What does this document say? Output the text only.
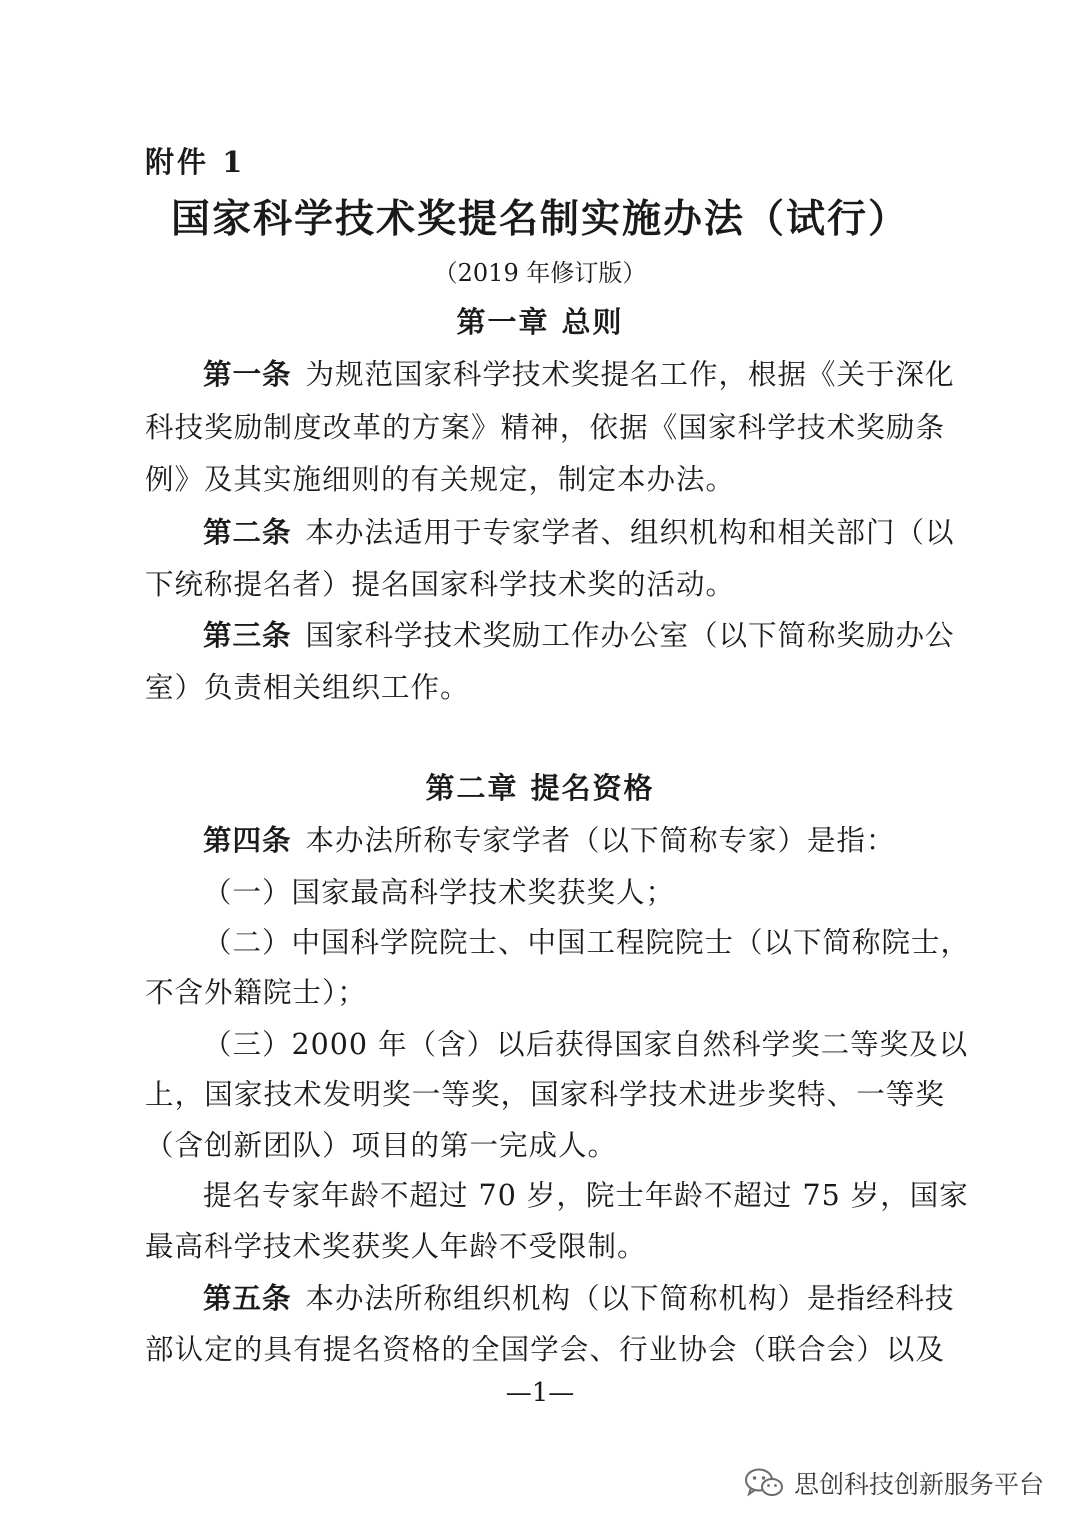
附件 1
国家科学技术奖提名制实施办法（试行）
（2019 年修订版）
第一章 总则
第一条 为规范国家科学技术奖提名工作，根据《关于深化
科技奖励制度改革的方案》精神，依据《国家科学技术奖励条
例》及其实施细则的有关规定，制定本办法。
第二条 本办法适用于专家学者、组织机构和相关部门（以
下统称提名者）提名国家科学技术奖的活动。
第三条 国家科学技术奖励工作办公室（以下简称奖励办公
室）负责相关组织工作。
第二章 提名资格
第四条 本办法所称专家学者（以下简称专家）是指：
（一）国家最高科学技术奖获奖人；
（二）中国科学院院士、中国工程院院士（以下简称院士，
不含外籍院士）；
（三）2000 年（含）以后获得国家自然科学奖二等奖及以
上，国家技术发明奖一等奖，国家科学技术进步奖特、一等奖
（含创新团队）项目的第一完成人。
提名专家年龄不超过 70 岁，院士年龄不超过 75 岁，国家
最高科学技术奖获奖人年龄不受限制。
第五条 本办法所称组织机构（以下简称机构）是指经科技
部认定的具有提名资格的全国学会、行业协会（联合会）以及
—1—
思创科技创新服务平台
